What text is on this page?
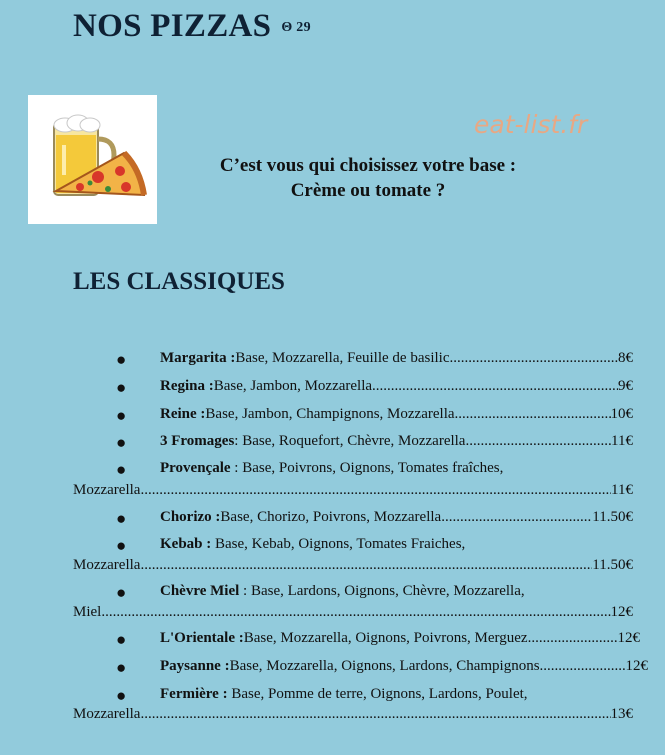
NOS PIZZAS Θ 29
eat-list.fr
C’est vous qui choisissez votre base :
Crème ou tomate ?
LES CLASSIQUES
● Margarita : Base, Mozzarella, Feuille de basilic .....	8€
● Regina : Base, Jambon, Mozzarella .....	9€
● Reine : Base, Jambon, Champignons, Mozzarella .....	10€
● 3 Fromages : Base, Roquefort, Chèvre, Mozzarella .....	11€
● Provençale : Base, Poivrons, Oignons, Tomates fraîches,
Mozzarella .....	11€
● Chorizo : Base, Chorizo, Poivrons, Mozzarella .....	11.50€
● Kebab : Base, Kebab, Oignons, Tomates Fraiches,
Mozzarella .....	11.50€
● Chèvre Miel : Base, Lardons, Oignons, Chèvre, Mozzarella,
Miel .....	12€
● L'Orientale : Base, Mozzarella, Oignons, Poivrons, Merguez .....	12€
● Paysanne : Base, Mozzarella, Oignons, Lardons, Champignons .....	12€
● Fermière : Base, Pomme de terre, Oignons, Lardons, Poulet,
Mozzarella .....	13€
